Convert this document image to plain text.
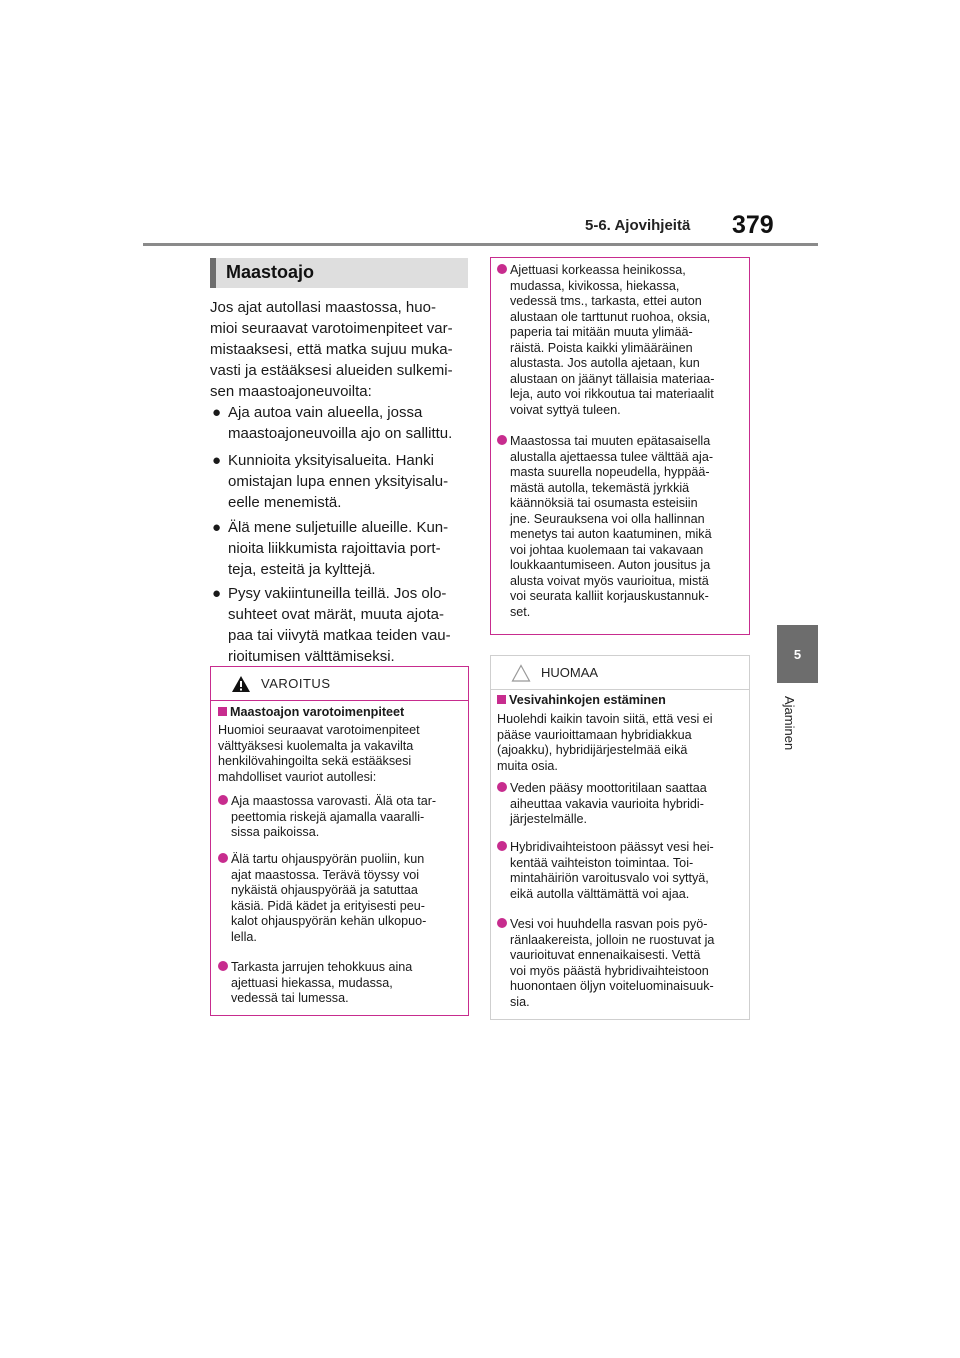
5-6. Ajovihjeitä 379
5
Ajaminen
Maastoajo
Jos ajat autollasi maastossa, huo-
mioi seuraavat varotoimenpiteet var-
mistaaksesi, että matka sujuu muka-
vasti ja estääksesi alueiden sulkemi-
sen maastoajoneuvoilta:
● Aja autoa vain alueella, jossa
maastoajoneuvoilla ajo on sallittu.
● Kunnioita yksityisalueita. Hanki
omistajan lupa ennen yksityisalu-
eelle menemistä.
● Älä mene suljetuille alueille. Kun-
nioita liikkumista rajoittavia port-
teja, esteitä ja kylttejä.
● Pysy vakiintuneilla teillä. Jos olo-
suhteet ovat märät, muuta ajota-
paa tai viivytä matkaa teiden vau-
rioitumisen välttämiseksi.
VAROITUS
Maastoajon varotoimenpiteet
Huomioi seuraavat varotoimenpiteet
välttyäksesi kuolemalta ja vakavilta
henkilövahingoilta sekä estääksesi
mahdolliset vauriot autollesi:
Aja maastossa varovasti. Älä ota tar-
peettomia riskejä ajamalla vaaralli-
sissa paikoissa.
Älä tartu ohjauspyörän puoliin, kun
ajat maastossa. Terävä töyssy voi
nykäistä ohjauspyörää ja satuttaa
käsiä. Pidä kädet ja erityisesti peu-
kalot ohjauspyörän kehän ulkopuo-
lella.
Tarkasta jarrujen tehokkuus aina
ajettuasi hiekassa, mudassa,
vedessä tai lumessa.
Ajettuasi korkeassa heinikossa,
mudassa, kivikossa, hiekassa,
vedessä tms., tarkasta, ettei auton
alustaan ole tarttunut ruohoa, oksia,
paperia tai mitään muuta ylimää-
räistä. Poista kaikki ylimääräinen
alustasta. Jos autolla ajetaan, kun
alustaan on jäänyt tällaisia materiaa-
leja, auto voi rikkoutua tai materiaalit
voivat syttyä tuleen.
Maastossa tai muuten epätasaisella
alustalla ajettaessa tulee välttää aja-
masta suurella nopeudella, hyppää-
mästä autolla, tekemästä jyrkkiä
käännöksiä tai osumasta esteisiin
jne. Seurauksena voi olla hallinnan
menetys tai auton kaatuminen, mikä
voi johtaa kuolemaan tai vakavaan
loukkaantumiseen. Auton jousitus ja
alusta voivat myös vaurioitua, mistä
voi seurata kalliit korjauskustannuk-
set.
HUOMAA
Vesivahinkojen estäminen
Huolehdi kaikin tavoin siitä, että vesi ei
pääse vaurioittamaan hybridiakkua
(ajoakku), hybridijärjestelmää eikä
muita osia.
Veden pääsy moottoritilaan saattaa
aiheuttaa vakavia vaurioita hybridi-
järjestelmälle.
Hybridivaihteistoon päässyt vesi hei-
kentää vaihteiston toimintaa. Toi-
mintahäiriön varoitusvalo voi syttyä,
eikä autolla välttämättä voi ajaa.
Vesi voi huuhdella rasvan pois pyö-
ränlaakereista, jolloin ne ruostuvat ja
vaurioituvat ennenaikaisesti. Vettä
voi myös päästä hybridivaihteistoon
huonontaen öljyn voiteluominaisuuk-
sia.
